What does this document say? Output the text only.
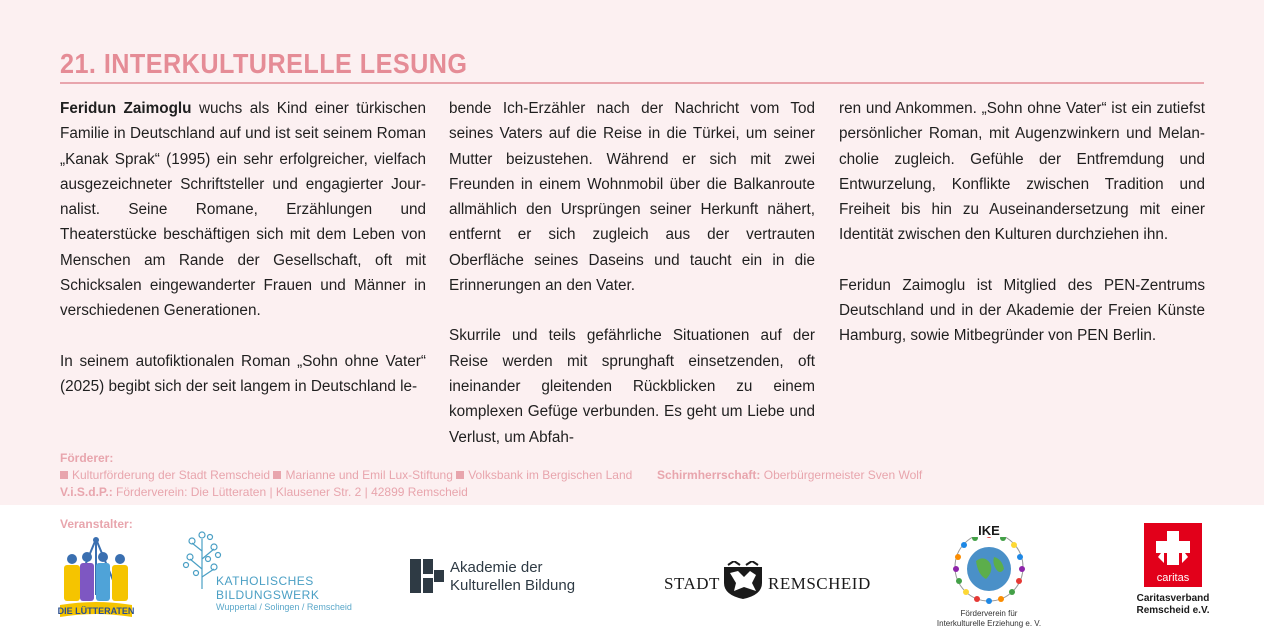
21. INTERKULTURELLE LESUNG

Feridun Zaimoglu wuchs als Kind einer türkischen Familie in Deutschland auf und ist seit seinem Roman „Kanak Sprak“ (1995) ein sehr erfolgreicher, vielfach ausgezeichneter Schriftsteller und engagierter Journalist. Seine Romane, Erzählungen und Theaterstücke beschäftigen sich mit dem Leben von Menschen am Rande der Gesellschaft, oft mit Schicksalen eingewanderter Frauen und Männer in verschiedenen Generationen.

In seinem autofiktionalen Roman „Sohn ohne Vater“ (2025) begibt sich der seit langem in Deutschland le-

bende Ich-Erzähler nach der Nachricht vom Tod seines Vaters auf die Reise in die Türkei, um seiner Mutter beizustehen. Während er sich mit zwei Freunden in einem Wohnmobil über die Balkanroute allmählich den Ursprüngen seiner Herkunft nähert, entfernt er sich zugleich aus der vertrauten Oberfläche seines Daseins und taucht ein in die Erinnerungen an den Vater.

Skurrile und teils gefährliche Situationen auf der Reise werden mit sprunghaft einsetzenden, oft ineinander gleitenden Rückblicken zu einem komplexen Gefüge verbunden. Es geht um Liebe und Verlust, um Abfah-

ren und Ankommen. „Sohn ohne Vater“ ist ein zutiefst persönlicher Roman, mit Augenzwinkern und Melancholie zugleich. Gefühle der Entfremdung und Entwurzelung, Konflikte zwischen Tradition und Freiheit bis hin zu Auseinandersetzung mit einer Identität zwischen den Kulturen durchziehen ihn.

Feridun Zaimoglu ist Mitglied des PEN-Zentrums Deutschland und in der Akademie der Freien Künste Hamburg, sowie Mitbegründer von PEN Berlin.

Förderer:
Kulturförderung der Stadt Remscheid Marianne und Emil Lux-Stiftung Volksbank im Bergischen Land Schirmherrschaft: Oberbürgermeister Sven Wolf
V.i.S.d.P.: Förderverein: Die Lütteraten | Klausener Str. 2 | 42899 Remscheid
Veranstalter:
DIE LÜTTERATEN
KATHOLISCHES
BILDUNGSWERK
Wuppertal / Solingen / Remscheid
Akademie der
Kulturellen Bildung	STADT	REMSCHEID
IKE
Förderverein für
Interkulturelle Erziehung e. V.
caritas
Caritasverband
Remscheid e.V.
